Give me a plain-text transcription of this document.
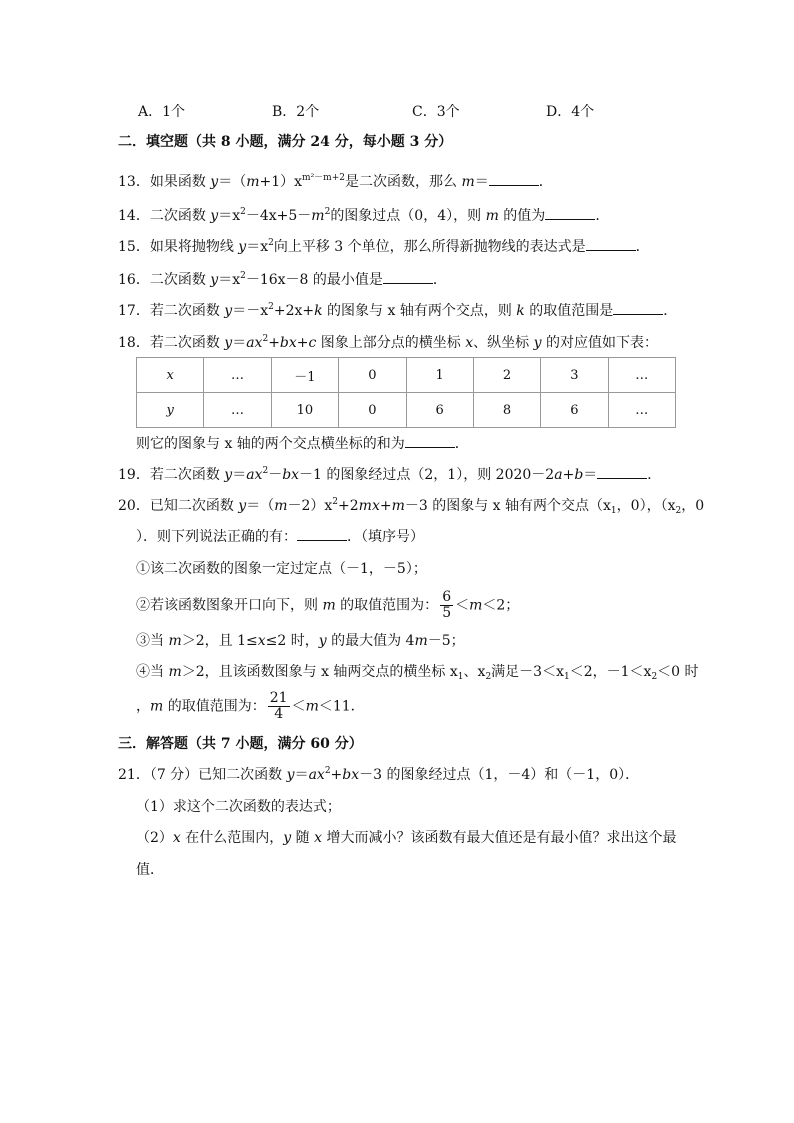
A．1个	B．2个	C．3个	D．4个
二．填空题（共 8 小题，满分 24 分，每小题 3 分）
13．如果函数 $y=(m+1)x^{m^2-m+2}$是二次函数，那么 m＝	．
14．二次函数 $y=x^2-4x+5-m^2$的图象过点（0，4），则 m 的值为	．
15．如果将抛物线 $y=x^2$向上平移 3 个单位，那么所得新抛物线的表达式是	．
16．二次函数 $y=x^2-16x-8$ 的最小值是	．
17．若二次函数 $y=-x^2+2x+k$ 的图象与 x 轴有两个交点，则 k 的取值范围是	．
18．若二次函数 $y=ax^2+bx+c$ 图象上部分点的横坐标 x、纵坐标 y 的对应值如下表：
x	…	－1	0	1	2	3	…
y	…	10	0	6	8	6	…
则它的图象与 x 轴的两个交点横坐标的和为	．
19．若二次函数 $y=ax^2-bx-1$ 的图象经过点（2，1），则 2020－2a+b＝	．
20．已知二次函数 $y=(m-2)x^2+2mx+m-3$ 的图象与 x 轴有两个交点（$x_1$，0），（$x_2$，0
）．则下列说法正确的有：	．（填序号）
①该二次函数的图象一定过定点（－1，－5）；
②若该函数图象开口向下，则 m 的取值范围为： $\frac{6}{5} <m<2$；
③当 m＞2，且 1≤x≤2 时，y 的最大值为 4m－5；
④当 m＞2，且该函数图象与 x 轴两交点的横坐标 $x_1$、$x_2$满足$-3<x_1<2$，$-1<x_2<0$ 时
，m 的取值范围为： $\frac{21}{4} <m<11$．
三．解答题（共 7 小题，满分 60 分）
21．（7 分）已知二次函数 $y=ax^2+bx-3$ 的图象经过点（1，－4）和（－1，0）．
（1）求这个二次函数的表达式；
（2）x 在什么范围内，y 随 x 增大而减小？该函数有最大值还是有最小值？求出这个最
值．
